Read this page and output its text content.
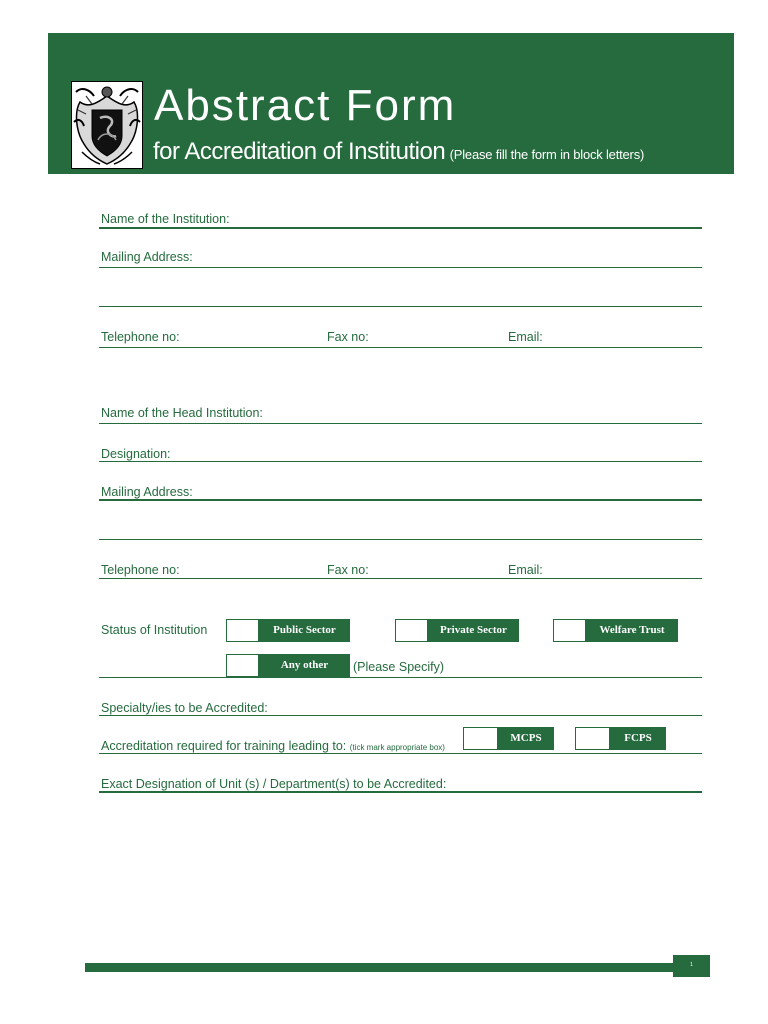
Abstract Form
for Accreditation of Institution (Please fill the form in block letters)
Name of the Institution:
Mailing Address:
Telephone no:	Fax no:	Email:
Name of the Head Institution:
Designation:
Mailing Address:
Telephone no:	Fax no:	Email:
Status of Institution	Public Sector	Private Sector	Welfare Trust
Any other	(Please Specify)
Specialty/ies to be Accredited:
Accreditation required for training leading to: (tick mark appropriate box)
MCPS	FCPS
Exact Designation of Unit (s) / Department(s) to be Accredited:
1
